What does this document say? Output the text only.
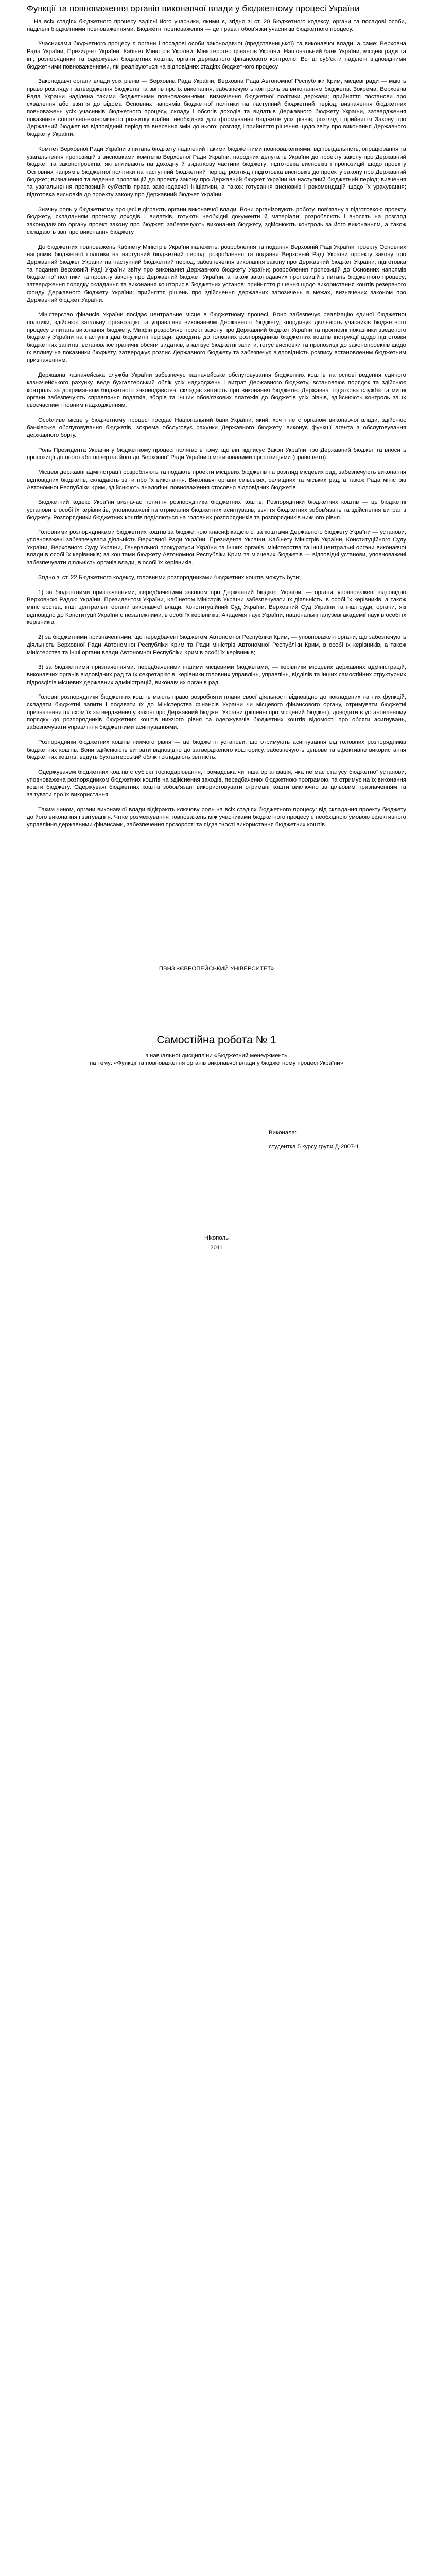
Функції та повноваження органів виконавчої влади у бюджетному процесі України

На всіх стадіях бюджетного процесу задіяні його учасники, якими є, згідно зі ст. 20 Бюджетного кодексу, органи та посадові особи, наділені бюджетними повноваженнями. Бюджетні повноваження — це права і обов'язки учасників бюджетного процесу.

Учасниками бюджетного процесу є органи і посадові особи законодавчої (представницької) та виконавчої влади, а саме: Верховна Рада України, Президент України, Кабінет Міністрів України, Міністерство фінансів України, Національний банк України, місцеві ради та ін.; розпорядники та одержувачі бюджетних коштів, органи державного фінансового контролю. Всі ці суб'єкти наділені відповідними бюджетними повноваженнями, які реалізуються на відповідних стадіях бюджетного процесу.

Законодавчі органи влади усіх рівнів — Верховна Рада України, Верховна Рада Автономної Республіки Крим, місцеві ради — мають право розгляду і затвердження бюджетів та звітів про їх виконання, забезпечують контроль за виконанням бюджетів. Зокрема, Верховна Рада України наділена такими бюджетними повноваженнями: визначення бюджетної політики держави; прийняття постанови про схвалення або взяття до відома Основних напрямів бюджетної політики на наступний бюджетний період; визначення бюджетних повноважень усіх учасників бюджетного процесу, складу і обсягів доходів та видатків Державного бюджету України, затвердження показників соціально-економічного розвитку країни, необхідних для формування бюджетів усіх рівнів; розгляд і прийняття Закону про Державний бюджет на відповідний період та внесення змін до нього; розгляд і прийняття рішення щодо звіту про виконання Державного бюджету України.

Комітет Верховної Ради України з питань бюджету наділений такими бюджетними повноваженнями: відповідальність, опрацювання та узагальнення пропозицій з висновками комітетів Верховної Ради України, народних депутатів України до проекту закону про Державний бюджет та законопроектів, які впливають на доходну й видаткову частини бюджету; підготовка висновків і пропозицій щодо проекту Основних напрямів бюджетної політики на наступний бюджетний період, розгляд і підготовка висновків до проекту закону про Державний бюджет; визначення та ведення пропозицій до проекту закону про Державний бюджет України на наступний бюджетний період; вивчення та узагальнення пропозицій суб'єктів права законодавчої ініціативи, а також готування висновків і рекомендацій щодо їх урахування; підготовка висновків до проекту закону про Державний бюджет України.

Значну роль у бюджетному процесі відіграють органи виконавчої влади. Вони організовують роботу, пов'язану з підготовкою проекту бюджету, складанням прогнозу доходів і видатків, готують необхідні документи й матеріали; розробляють і вносять на розгляд законодавчого органу проект закону про бюджет; забезпечують виконання бюджету, здійснюють контроль за його виконанням, а також складають звіт про виконання бюджету.

До бюджетних повноважень Кабінету Міністрів України належить: розроблення та подання Верховній Раді України проекту Основних напрямів бюджетної політики на наступний бюджетний період; розроблення та подання Верховній Раді України проекту закону про Державний бюджет України на наступний бюджетний період; забезпечення виконання закону про Державний бюджет України; підготовка та подання Верховній Раді України звіту про виконання Державного бюджету України; розроблення пропозицій до Основних напрямів бюджетної політики та проекту закону про Державний бюджет України, а також законодавчих пропозицій з питань бюджетного процесу; затвердження порядку складання та виконання кошторисів бюджетних установ; прийняття рішення щодо використання коштів резервного фонду Державного бюджету України; прийняття рішень про здійснення державних запозичень в межах, визначених законом про Державний бюджет України.

Міністерство фінансів України посідає центральне місце в бюджетному процесі. Воно забезпечує реалізацію єдиної бюджетної політики, здійснює загальну організацію та управління виконанням Державного бюджету, координує діяльність учасників бюджетного процесу з питань виконання бюджету. Мінфін розробляє проект закону про Державний бюджет України та прогнозні показники зведеного бюджету України на наступні два бюджетні періоди, доводить до головних розпорядників бюджетних коштів інструкції щодо підготовки бюджетних запитів, встановлює граничні обсяги видатків, аналізує бюджетні запити, готує висновки та пропозиції до законопроектів щодо їх впливу на показники бюджету, затверджує розпис Державного бюджету та забезпечує відповідність розпису встановленим бюджетним призначенням.

Державна казначейська служба України забезпечує казначейське обслуговування бюджетних коштів на основі ведення єдиного казначейського рахунку, веде бухгалтерський облік усіх надходжень і витрат Державного бюджету, встановлює порядок та здійснює контроль за дотриманням бюджетного законодавства, складає звітність про виконання бюджетів. Державна податкова служба та митні органи забезпечують справляння податків, зборів та інших обов'язкових платежів до бюджетів усіх рівнів, здійснюють контроль за їх своєчасним і повним надходженням.

Особливе місце у бюджетному процесі посідає Національний банк України, який, хоч і не є органом виконавчої влади, здійснює банківське обслуговування бюджетів, зокрема обслуговує рахунки Державного бюджету, виконує функції агента з обслуговування державного боргу.

Роль Президента України у бюджетному процесі полягає в тому, що він підписує Закон України про Державний бюджет та вносить пропозиції до нього або повертає його до Верховної Ради України з мотивованими пропозиціями (право вето).

Місцеві державні адміністрації розробляють та подають проекти місцевих бюджетів на розгляд місцевих рад, забезпечують виконання відповідних бюджетів, складають звіти про їх виконання. Виконавчі органи сільських, селищних та міських рад, а також Рада міністрів Автономної Республіки Крим, здійснюють аналогічні повноваження стосовно відповідних бюджетів.

Бюджетний кодекс України визначає поняття розпорядника бюджетних коштів. Розпорядники бюджетних коштів — це бюджетні установи в особі їх керівників, уповноважені на отримання бюджетних асигнувань, взяття бюджетних зобов'язань та здійснення витрат з бюджету. Розпорядники бюджетних коштів поділяються на головних розпорядників та розпорядників нижчого рівня.

Головними розпорядниками бюджетних коштів за бюджетною класифікацією є: за коштами Державного бюджету України — установи, уповноважені забезпечувати діяльність Верховної Ради України, Президента України, Кабінету Міністрів України, Конституційного Суду України, Верховного Суду України, Генеральної прокуратури України та інших органів, міністерства та інші центральні органи виконавчої влади в особі їх керівників; за коштами бюджету Автономної Республіки Крим та місцевих бюджетів — відповідні установи, уповноважені забезпечувати діяльність органів влади, в особі їх керівників.

Згідно зі ст. 22 Бюджетного кодексу, головними розпорядниками бюджетних коштів можуть бути:

1) за бюджетними призначеннями, передбаченими законом про Державний бюджет України, — органи, уповноважені відповідно Верховною Радою України, Президентом України, Кабінетом Міністрів України забезпечувати їх діяльність, в особі їх керівників, а також міністерства, інші центральні органи виконавчої влади, Конституційний Суд України, Верховний Суд України та інші суди, органи, які відповідно до Конституції України є незалежними, в особі їх керівників; Академія наук України, національні галузеві академії наук в особі їх керівників;

2) за бюджетними призначеннями, що передбачені бюджетом Автономної Республіки Крим, — уповноважені органи, що забезпечують діяльність Верховної Ради Автономної Республіки Крим та Ради міністрів Автономної Республіки Крим, в особі їх керівників, а також міністерства та інші органи влади Автономної Республіки Крим в особі їх керівників;

3) за бюджетними призначеннями, передбаченими іншими місцевими бюджетами, — керівники місцевих державних адміністрацій, виконавчих органів відповідних рад та їх секретаріатів, керівники головних управлінь, управлінь, відділів та інших самостійних структурних підрозділів місцевих державних адміністрацій, виконавчих органів рад.

Головні розпорядники бюджетних коштів мають право розробляти плани своєї діяльності відповідно до покладених на них функцій, складати бюджетні запити і подавати їх до Міністерства фінансів України чи місцевого фінансового органу, отримувати бюджетні призначення шляхом їх затвердження у законі про Державний бюджет України (рішенні про місцевий бюджет), доводити в установленому порядку до розпорядників бюджетних коштів нижчого рівня та одержувачів бюджетних коштів відомості про обсяги асигнувань, забезпечувати управління бюджетними асигнуваннями.

Розпорядники бюджетних коштів нижчого рівня — це бюджетні установи, що отримують асигнування від головних розпорядників бюджетних коштів. Вони здійснюють витрати відповідно до затвердженого кошторису, забезпечують цільове та ефективне використання бюджетних коштів, ведуть бухгалтерський облік і складають звітність.

Одержувачем бюджетних коштів є суб'єкт господарювання, громадська чи інша організація, яка не має статусу бюджетної установи, уповноважена розпорядником бюджетних коштів на здійснення заходів, передбачених бюджетною програмою, та отримує на їх виконання кошти бюджету. Одержувачі бюджетних коштів зобов'язані використовувати отримані кошти виключно за цільовим призначенням та звітувати про їх використання.

Таким чином, органи виконавчої влади відіграють ключову роль на всіх стадіях бюджетного процесу: від складання проекту бюджету до його виконання і звітування. Чітке розмежування повноважень між учасниками бюджетного процесу є необхідною умовою ефективного управління державними фінансами, забезпечення прозорості та підзвітності використання бюджетних коштів.

ПВНЗ «ЄВРОПЕЙСЬКИЙ УНІВЕРСИТЕТ»

Самостійна робота № 1

з навчальної дисципліни «Бюджетний менеджмент»

на тему: «Функції та повноваження органів виконавчої влади у бюджетному процесі України»

Виконала:
студентка 5 курсу групи Д-2007-1
Нікополь
2011
